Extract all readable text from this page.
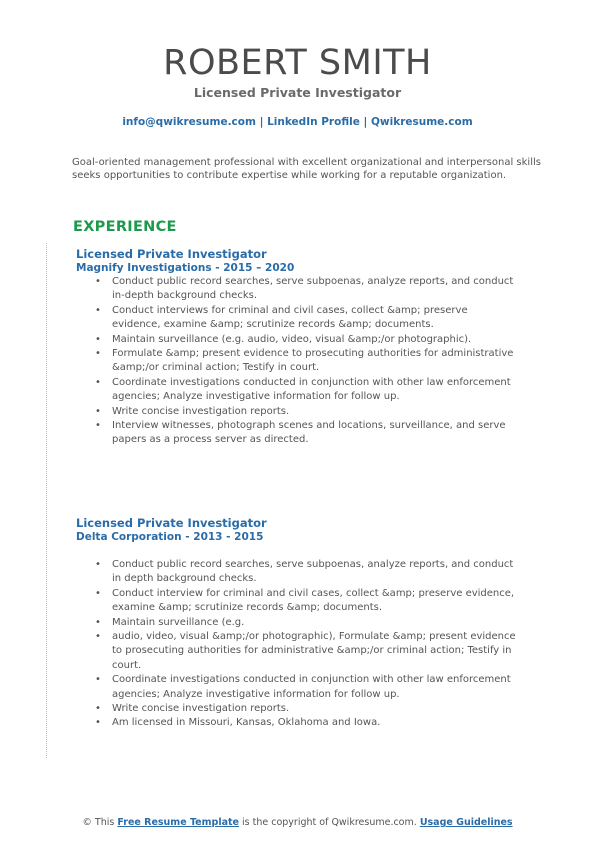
ROBERT SMITH
Licensed Private Investigator
info@qwikresume.com | LinkedIn Profile | Qwikresume.com
Goal-oriented management professional with excellent organizational and interpersonal skills seeks opportunities to contribute expertise while working for a reputable organization.
EXPERIENCE
Licensed Private Investigator
Magnify Investigations - 2015 – 2020
• Conduct public record searches, serve subpoenas, analyze reports, and conduct in-depth background checks.
• Conduct interviews for criminal and civil cases, collect &amp; preserve evidence, examine &amp; scrutinize records &amp; documents.
• Maintain surveillance (e.g. audio, video, visual &amp;/or photographic).
• Formulate &amp; present evidence to prosecuting authorities for administrative &amp;/or criminal action; Testify in court.
• Coordinate investigations conducted in conjunction with other law enforcement agencies; Analyze investigative information for follow up.
• Write concise investigation reports.
• Interview witnesses, photograph scenes and locations, surveillance, and serve papers as a process server as directed.
Licensed Private Investigator
Delta Corporation - 2013 - 2015
• Conduct public record searches, serve subpoenas, analyze reports, and conduct in depth background checks.
• Conduct interview for criminal and civil cases, collect &amp; preserve evidence, examine &amp; scrutinize records &amp; documents.
• Maintain surveillance (e.g.
• audio, video, visual &amp;/or photographic), Formulate &amp; present evidence to prosecuting authorities for administrative &amp;/or criminal action; Testify in court.
• Coordinate investigations conducted in conjunction with other law enforcement agencies; Analyze investigative information for follow up.
• Write concise investigation reports.
• Am licensed in Missouri, Kansas, Oklahoma and Iowa.
© This Free Resume Template is the copyright of Qwikresume.com. Usage Guidelines
